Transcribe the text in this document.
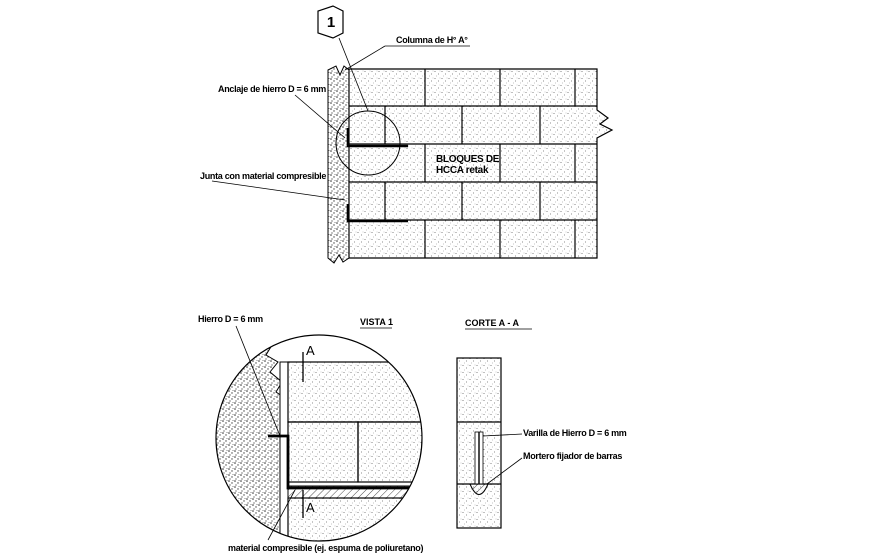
1
Columna de H° A°
Anclaje de hierro D = 6 mm
Junta con material compresible
BLOQUES DE
HCCA retak
A
A
Hierro D = 6 mm	VISTA 1
material compresible (ej. espuma de poliuretano)
CORTE A - A
Varilla de Hierro D = 6 mm
Mortero fijador de barras
